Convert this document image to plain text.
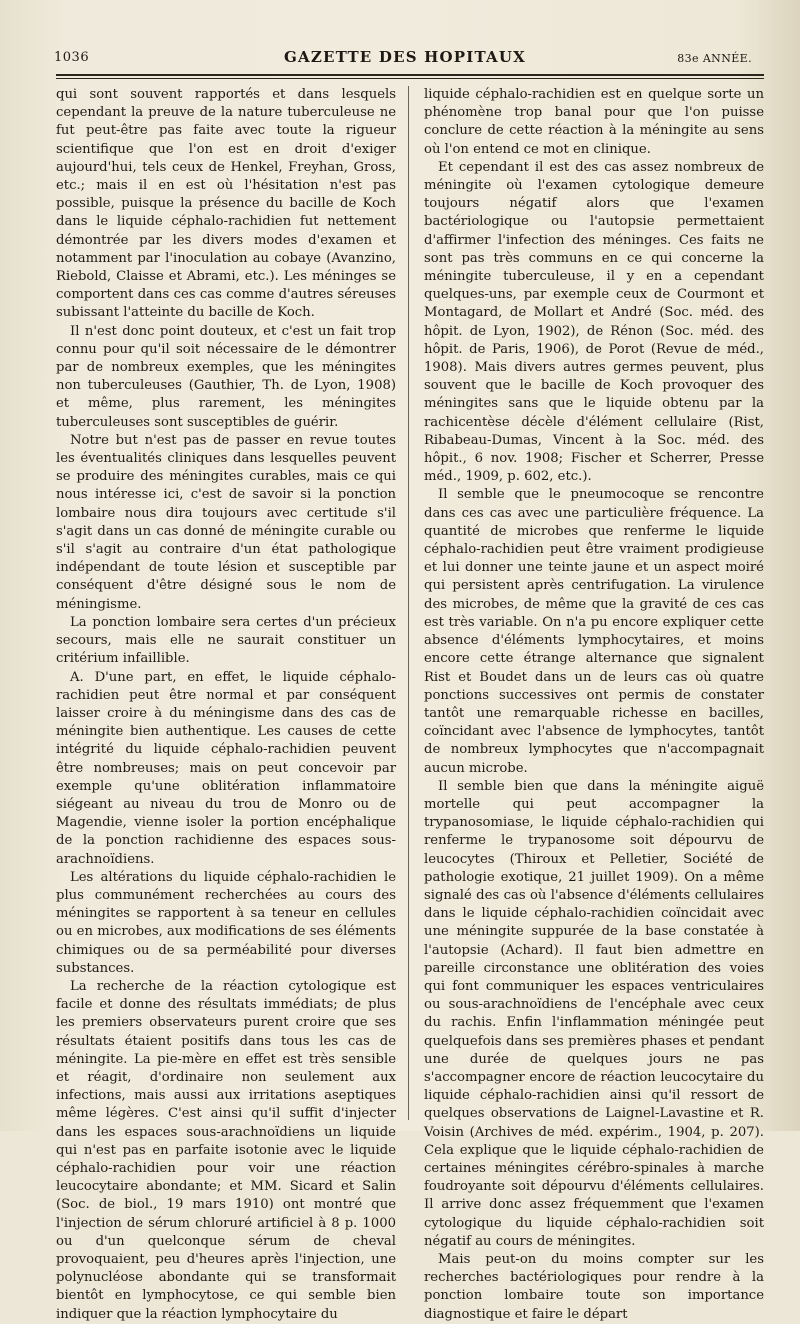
1036	GAZETTE DES HOPITAUX	83e ANNÉE.

qui sont souvent rapportés et dans lesquels cependant la preuve de la nature tuberculeuse ne fut peut-être pas faite avec toute la rigueur scientifique que l'on est en droit d'exiger aujourd'hui, tels ceux de Henkel, Freyhan, Gross, etc.; mais il en est où l'hésitation n'est pas possible, puisque la présence du bacille de Koch dans le liquide céphalo-rachidien fut nettement démontrée par les divers modes d'examen et notamment par l'inoculation au cobaye (Avanzino, Riebold, Claisse et Abrami, etc.). Les méninges se comportent dans ces cas comme d'autres séreuses subissant l'atteinte du bacille de Koch.

Il n'est donc point douteux, et c'est un fait trop connu pour qu'il soit nécessaire de le démontrer par de nombreux exemples, que les méningites non tuberculeuses (Gauthier, Th. de Lyon, 1908) et même, plus rarement, les méningites tuberculeuses sont susceptibles de guérir.

Notre but n'est pas de passer en revue toutes les éventualités cliniques dans lesquelles peuvent se produire des méningites curables, mais ce qui nous intéresse ici, c'est de savoir si la ponction lombaire nous dira toujours avec certitude s'il s'agit dans un cas donné de méningite curable ou s'il s'agit au contraire d'un état pathologique indépendant de toute lésion et susceptible par conséquent d'être désigné sous le nom de méningisme.

La ponction lombaire sera certes d'un précieux secours, mais elle ne saurait constituer un critérium infaillible.

A. D'une part, en effet, le liquide céphalo-rachidien peut être normal et par conséquent laisser croire à du méningisme dans des cas de méningite bien authentique. Les causes de cette intégrité du liquide céphalo-rachidien peuvent être nombreuses; mais on peut concevoir par exemple qu'une oblitération inflammatoire siégeant au niveau du trou de Monro ou de Magendie, vienne isoler la portion encéphalique de la ponction rachidienne des espaces sous-arachnoïdiens.

Les altérations du liquide céphalo-rachidien le plus communément recherchées au cours des méningites se rapportent à sa teneur en cellules ou en microbes, aux modifications de ses éléments chimiques ou de sa perméabilité pour diverses substances.

La recherche de la réaction cytologique est facile et donne des résultats immédiats; de plus les premiers observateurs purent croire que ses résultats étaient positifs dans tous les cas de méningite. La pie-mère en effet est très sensible et réagit, d'ordinaire non seulement aux infections, mais aussi aux irritations aseptiques même légères. C'est ainsi qu'il suffit d'injecter dans les espaces sous-arachnoïdiens un liquide qui n'est pas en parfaite isotonie avec le liquide céphalo-rachidien pour voir une réaction leucocytaire abondante; et MM. Sicard et Salin (Soc. de biol., 19 mars 1910) ont montré que l'injection de sérum chloruré artificiel à 8 p. 1000 ou d'un quelconque sérum de cheval provoquaient, peu d'heures après l'injection, une polynucléose abondante qui se transformait bientôt en lymphocytose, ce qui semble bien indiquer que la réaction lymphocytaire du

liquide céphalo-rachidien est en quelque sorte un phénomène trop banal pour que l'on puisse conclure de cette réaction à la méningite au sens où l'on entend ce mot en clinique.

Et cependant il est des cas assez nombreux de méningite où l'examen cytologique demeure toujours négatif alors que l'examen bactériologique ou l'autopsie permettaient d'affirmer l'infection des méninges. Ces faits ne sont pas très communs en ce qui concerne la méningite tuberculeuse, il y en a cependant quelques-uns, par exemple ceux de Courmont et Montagard, de Mollart et André (Soc. méd. des hôpit. de Lyon, 1902), de Rénon (Soc. méd. des hôpit. de Paris, 1906), de Porot (Revue de méd., 1908). Mais divers autres germes peuvent, plus souvent que le bacille de Koch provoquer des méningites sans que le liquide obtenu par la rachicentèse décèle d'élément cellulaire (Rist, Ribabeau-Dumas, Vincent à la Soc. méd. des hôpit., 6 nov. 1908; Fischer et Scherrer, Presse méd., 1909, p. 602, etc.).

Il semble que le pneumocoque se rencontre dans ces cas avec une particulière fréquence. La quantité de microbes que renferme le liquide céphalo-rachidien peut être vraiment prodigieuse et lui donner une teinte jaune et un aspect moiré qui persistent après centrifugation. La virulence des microbes, de même que la gravité de ces cas est très variable. On n'a pu encore expliquer cette absence d'éléments lymphocytaires, et moins encore cette étrange alternance que signalent Rist et Boudet dans un de leurs cas où quatre ponctions successives ont permis de constater tantôt une remarquable richesse en bacilles, coïncidant avec l'absence de lymphocytes, tantôt de nombreux lymphocytes que n'accompagnait aucun microbe.

Il semble bien que dans la méningite aiguë mortelle qui peut accompagner la trypanosomiase, le liquide céphalo-rachidien qui renferme le trypanosome soit dépourvu de leucocytes (Thiroux et Pelletier, Société de pathologie exotique, 21 juillet 1909). On a même signalé des cas où l'absence d'éléments cellulaires dans le liquide céphalo-rachidien coïncidait avec une méningite suppurée de la base constatée à l'autopsie (Achard). Il faut bien admettre en pareille circonstance une oblitération des voies qui font communiquer les espaces ventriculaires ou sous-arachnoïdiens de l'encéphale avec ceux du rachis. Enfin l'inflammation méningée peut quelquefois dans ses premières phases et pendant une durée de quelques jours ne pas s'accompagner encore de réaction leucocytaire du liquide céphalo-rachidien ainsi qu'il ressort de quelques observations de Laignel-Lavastine et R. Voisin (Archives de méd. expérim., 1904, p. 207). Cela explique que le liquide céphalo-rachidien de certaines méningites cérébro-spinales à marche foudroyante soit dépourvu d'éléments cellulaires. Il arrive donc assez fréquemment que l'examen cytologique du liquide céphalo-rachidien soit négatif au cours de méningites.

Mais peut-on du moins compter sur les recherches bactériologiques pour rendre à la ponction lombaire toute son importance diagnostique et faire le départ
